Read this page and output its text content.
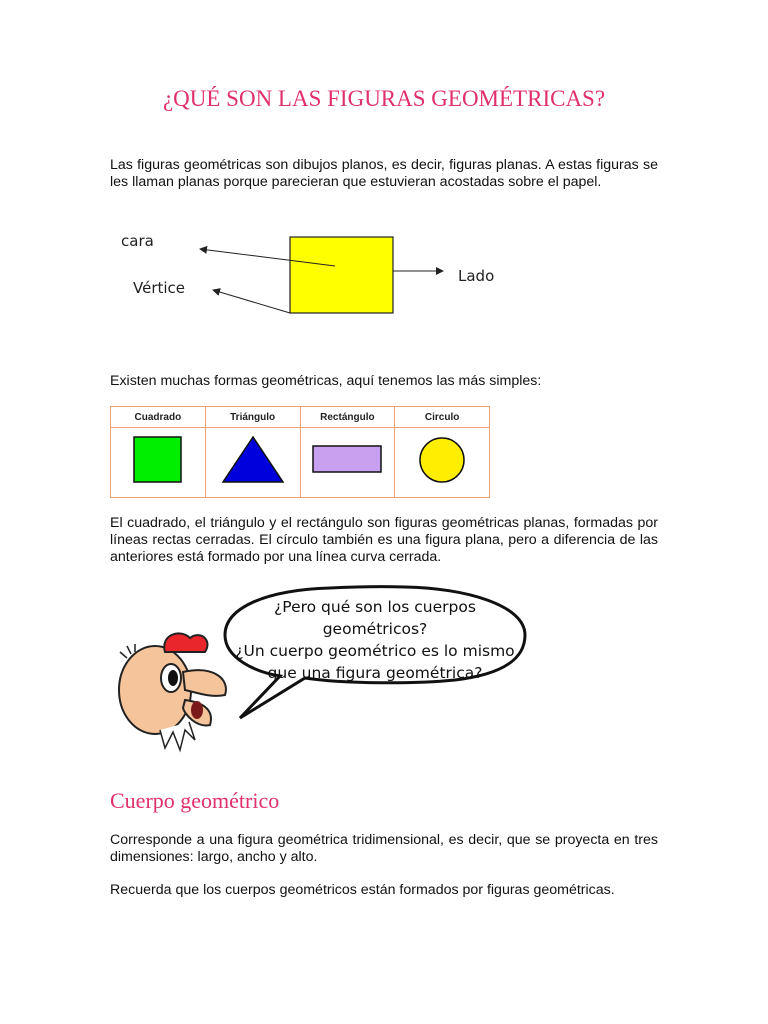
¿QUÉ SON LAS FIGURAS GEOMÉTRICAS?

Las figuras geométricas son dibujos planos, es decir, figuras planas. A estas figuras se les llaman planas porque parecieran que estuvieran acostadas sobre el papel.

cara
Vértice
Lado

Existen muchas formas geométricas, aquí tenemos las más simples:

Cuadrado	Triángulo	Rectángulo	Circulo

El cuadrado, el triángulo y el rectángulo son figuras geométricas planas, formadas por líneas rectas cerradas. El círculo también es una figura plana, pero a diferencia de las anteriores está formado por una línea curva cerrada.

¿Pero qué son los cuerpos geométricos?
¿Un cuerpo geométrico es lo mismo
que una figura geométrica?
Cuerpo geométrico

Corresponde a una figura geométrica tridimensional, es decir, que se proyecta en tres dimensiones: largo, ancho y alto.

Recuerda que los cuerpos geométricos están formados por figuras geométricas.
